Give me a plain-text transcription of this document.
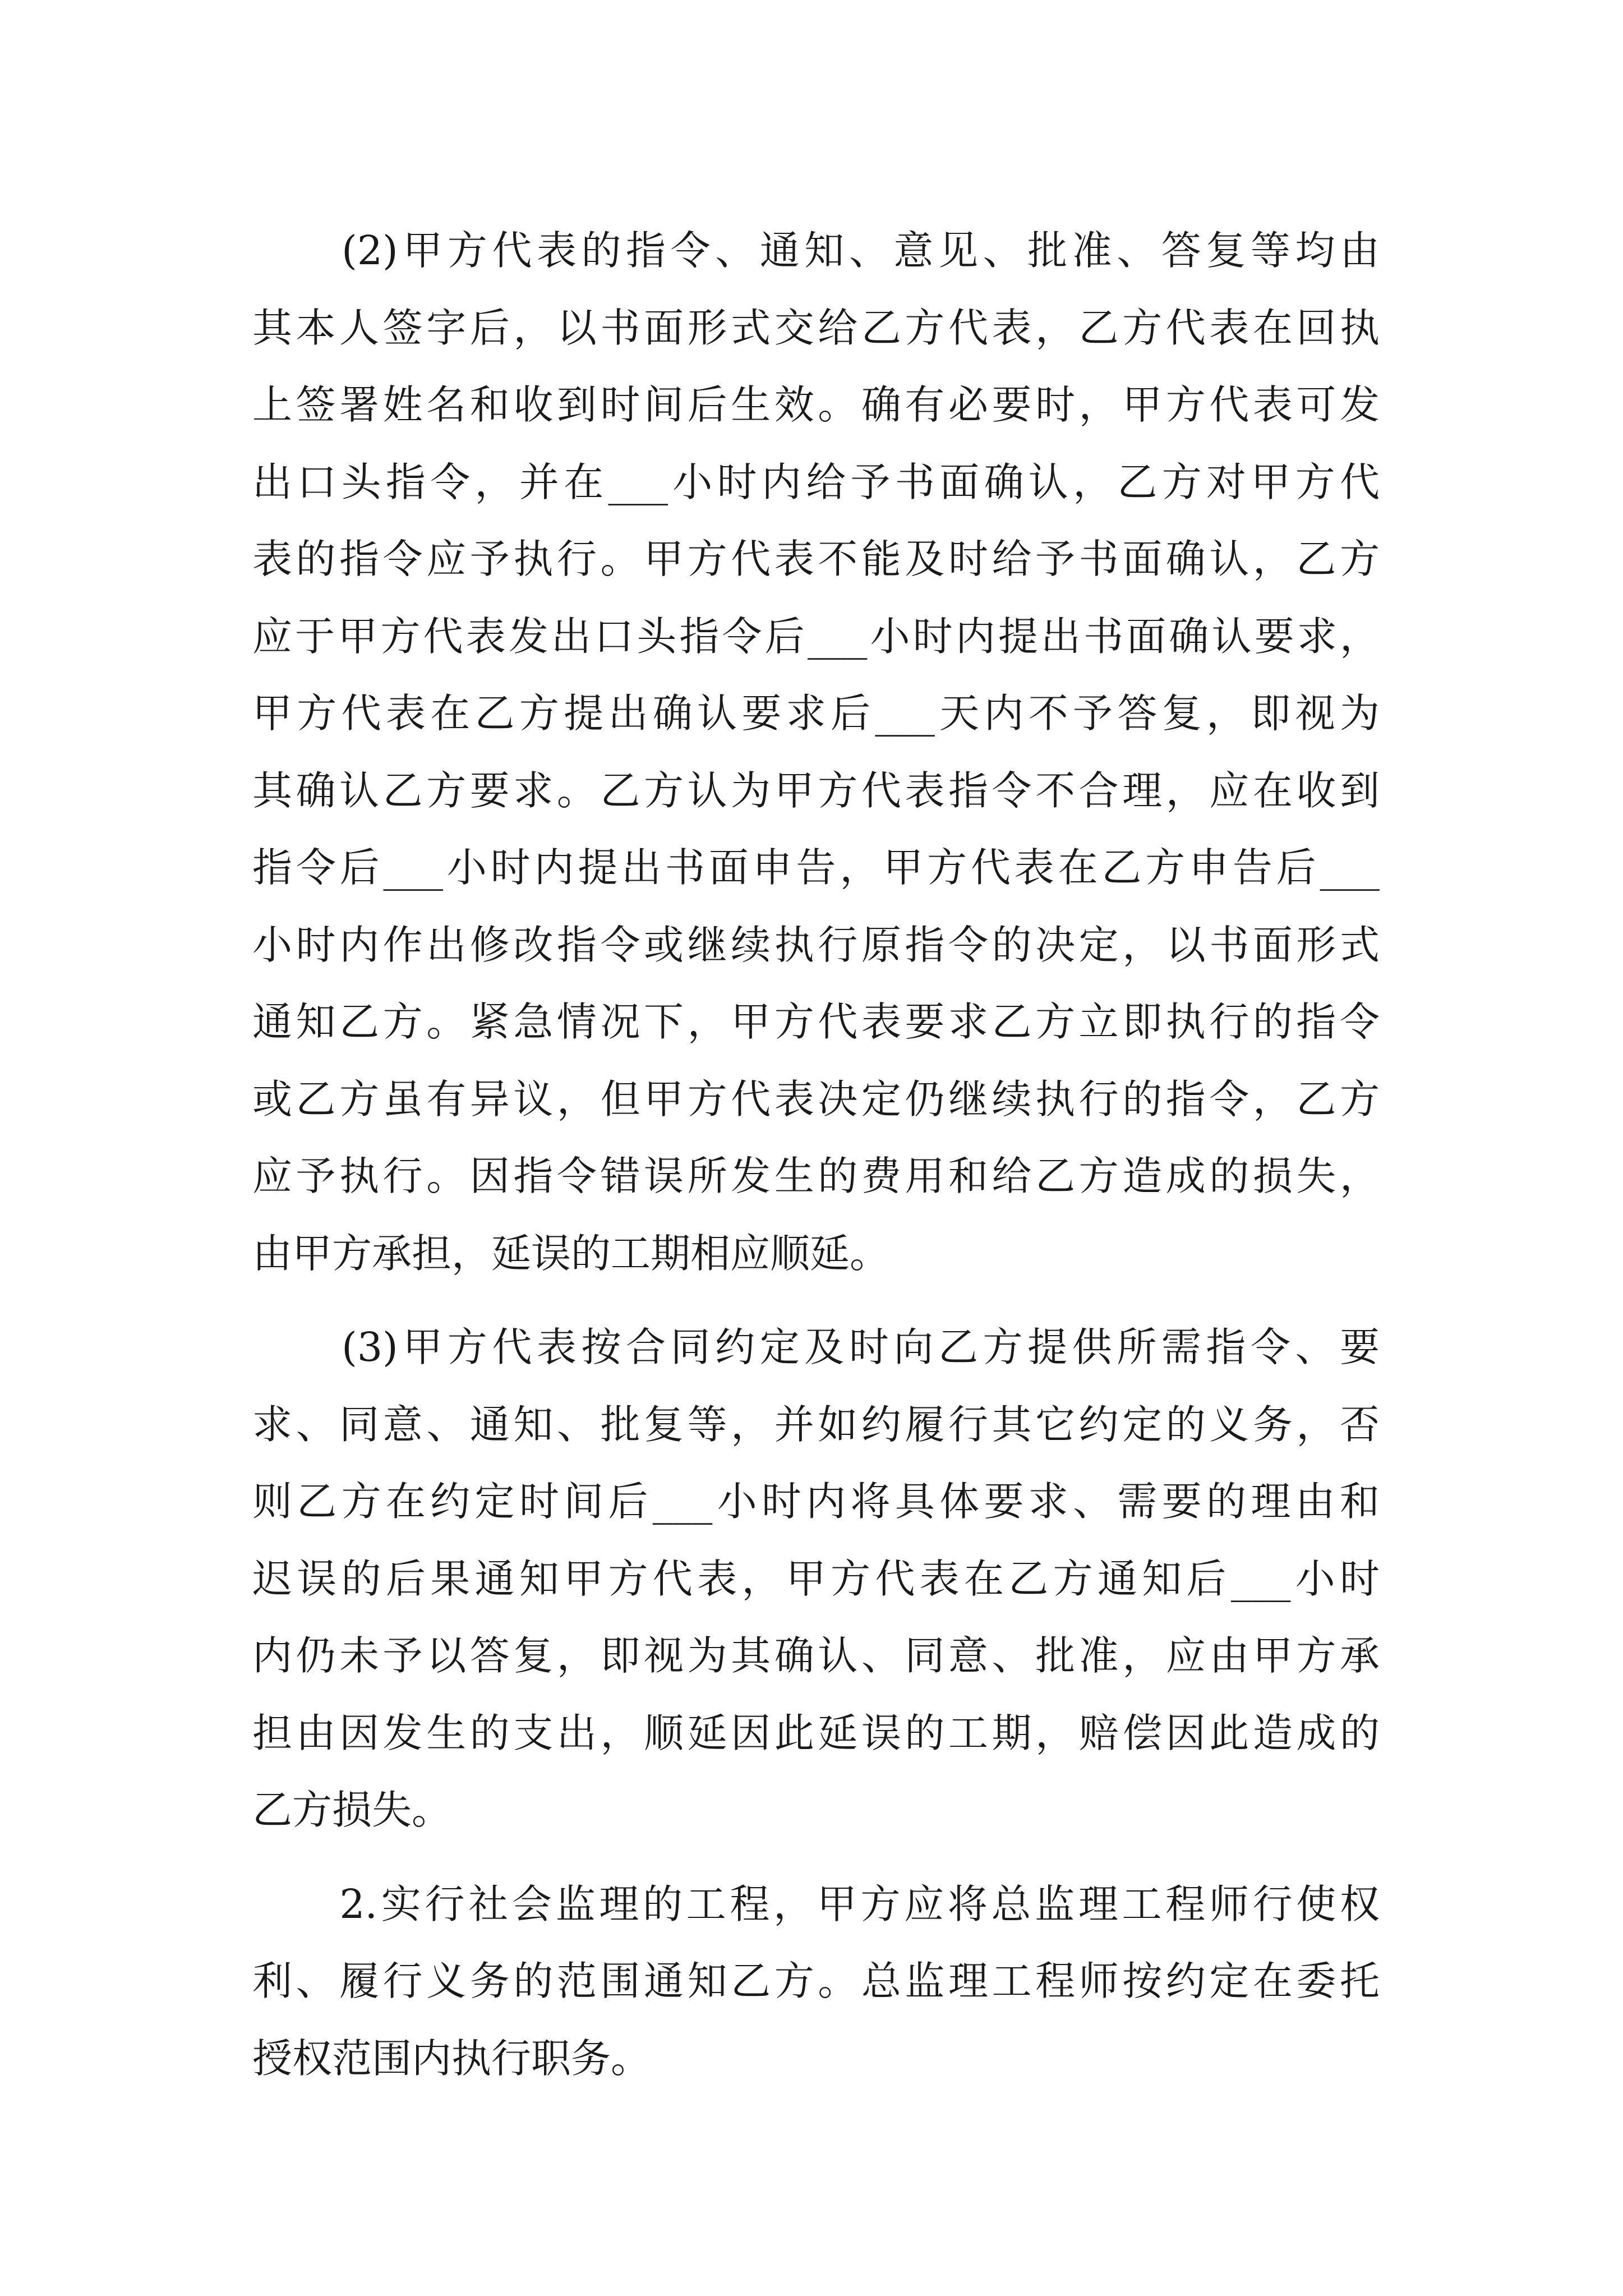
　　(2)甲方代表的指令、通知、意见、批准、答复等均由
其本人签字后，以书面形式交给乙方代表，乙方代表在回执
上签署姓名和收到时间后生效。确有必要时，甲方代表可发
出口头指令，并在___小时内给予书面确认，乙方对甲方代
表的指令应予执行。甲方代表不能及时给予书面确认，乙方
应于甲方代表发出口头指令后___小时内提出书面确认要求，
甲方代表在乙方提出确认要求后___天内不予答复，即视为
其确认乙方要求。乙方认为甲方代表指令不合理，应在收到
指令后___小时内提出书面申告，甲方代表在乙方申告后___
小时内作出修改指令或继续执行原指令的决定，以书面形式
通知乙方。紧急情况下，甲方代表要求乙方立即执行的指令
或乙方虽有异议，但甲方代表决定仍继续执行的指令，乙方
应予执行。因指令错误所发生的费用和给乙方造成的损失，
由甲方承担，延误的工期相应顺延。
　　(3)甲方代表按合同约定及时向乙方提供所需指令、要
求、同意、通知、批复等，并如约履行其它约定的义务，否
则乙方在约定时间后___小时内将具体要求、需要的理由和
迟误的后果通知甲方代表，甲方代表在乙方通知后___小时
内仍未予以答复，即视为其确认、同意、批准，应由甲方承
担由因发生的支出，顺延因此延误的工期，赔偿因此造成的
乙方损失。
　　2.实行社会监理的工程，甲方应将总监理工程师行使权
利、履行义务的范围通知乙方。总监理工程师按约定在委托
授权范围内执行职务。
